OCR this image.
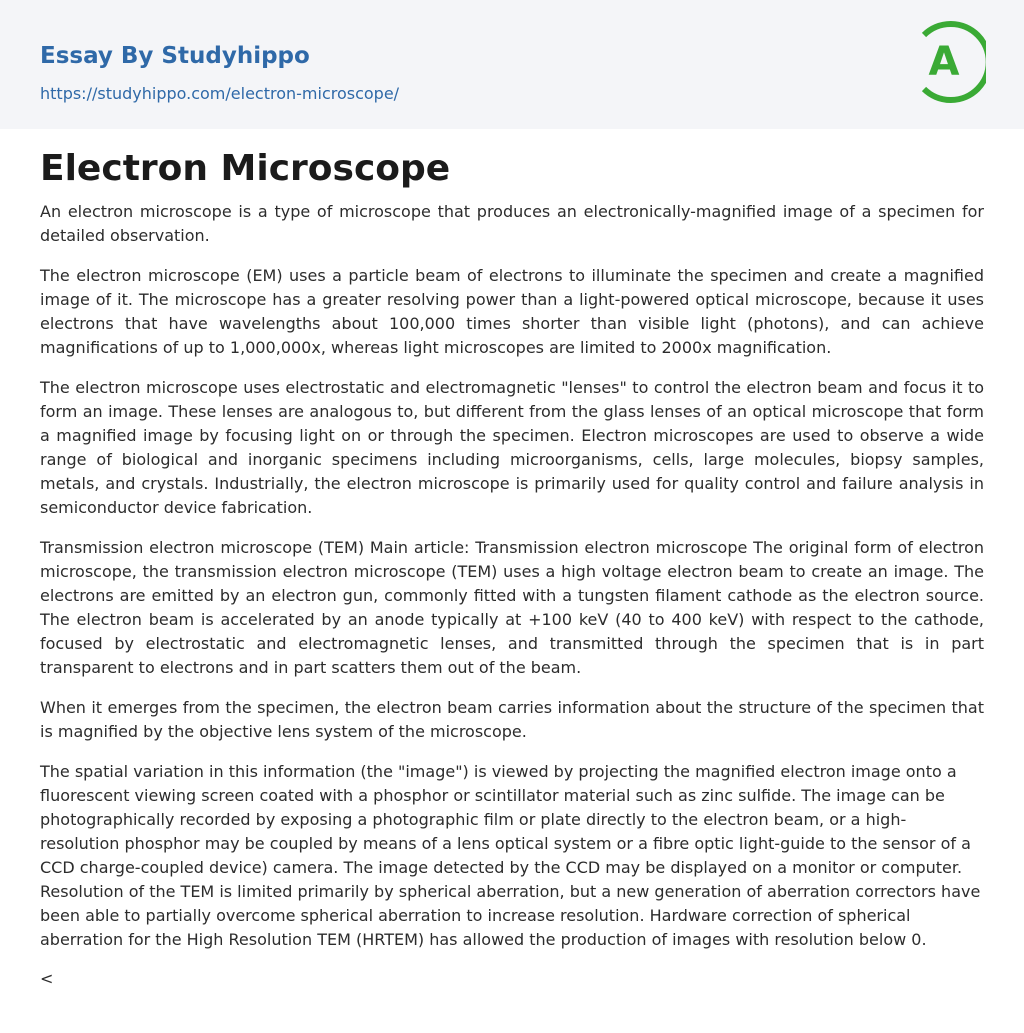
Essay By Studyhippo
https://studyhippo.com/electron-microscope/
A
Electron Microscope

An electron microscope is a type of microscope that produces an electronically-magnified image of a specimen for detailed observation.

The electron microscope (EM) uses a particle beam of electrons to illuminate the specimen and create a magnified image of it. The microscope has a greater resolving power than a light-powered optical microscope, because it uses electrons that have wavelengths about 100,000 times shorter than visible light (photons), and can achieve magnifications of up to 1,000,000x, whereas light microscopes are limited to 2000x magnification.

The electron microscope uses electrostatic and electromagnetic "lenses" to control the electron beam and focus it to form an image. These lenses are analogous to, but different from the glass lenses of an optical microscope that form a magnified image by focusing light on or through the specimen. Electron microscopes are used to observe a wide range of biological and inorganic specimens including microorganisms, cells, large molecules, biopsy samples, metals, and crystals. Industrially, the electron microscope is primarily used for quality control and failure analysis in semiconductor device fabrication.

Transmission electron microscope (TEM) Main article: Transmission electron microscope The original form of electron microscope, the transmission electron microscope (TEM) uses a high voltage electron beam to create an image. The electrons are emitted by an electron gun, commonly fitted with a tungsten filament cathode as the electron source. The electron beam is accelerated by an anode typically at +100 keV (40 to 400 keV) with respect to the cathode, focused by electrostatic and electromagnetic lenses, and transmitted through the specimen that is in part transparent to electrons and in part scatters them out of the beam.

When it emerges from the specimen, the electron beam carries information about the structure of the specimen that is magnified by the objective lens system of the microscope.

The spatial variation in this information (the "image") is viewed by projecting the magnified electron image onto a fluorescent viewing screen coated with a phosphor or scintillator material such as zinc sulfide. The image can be photographically recorded by exposing a photographic film or plate directly to the electron beam, or a high-resolution phosphor may be coupled by means of a lens optical system or a fibre optic light-guide to the sensor of a CCD charge-coupled device) camera. The image detected by the CCD may be displayed on a monitor or computer. Resolution of the TEM is limited primarily by spherical aberration, but a new generation of aberration correctors have been able to partially overcome spherical aberration to increase resolution. Hardware correction of spherical aberration for the High Resolution TEM (HRTEM) has allowed the production of images with resolution below 0.

<
